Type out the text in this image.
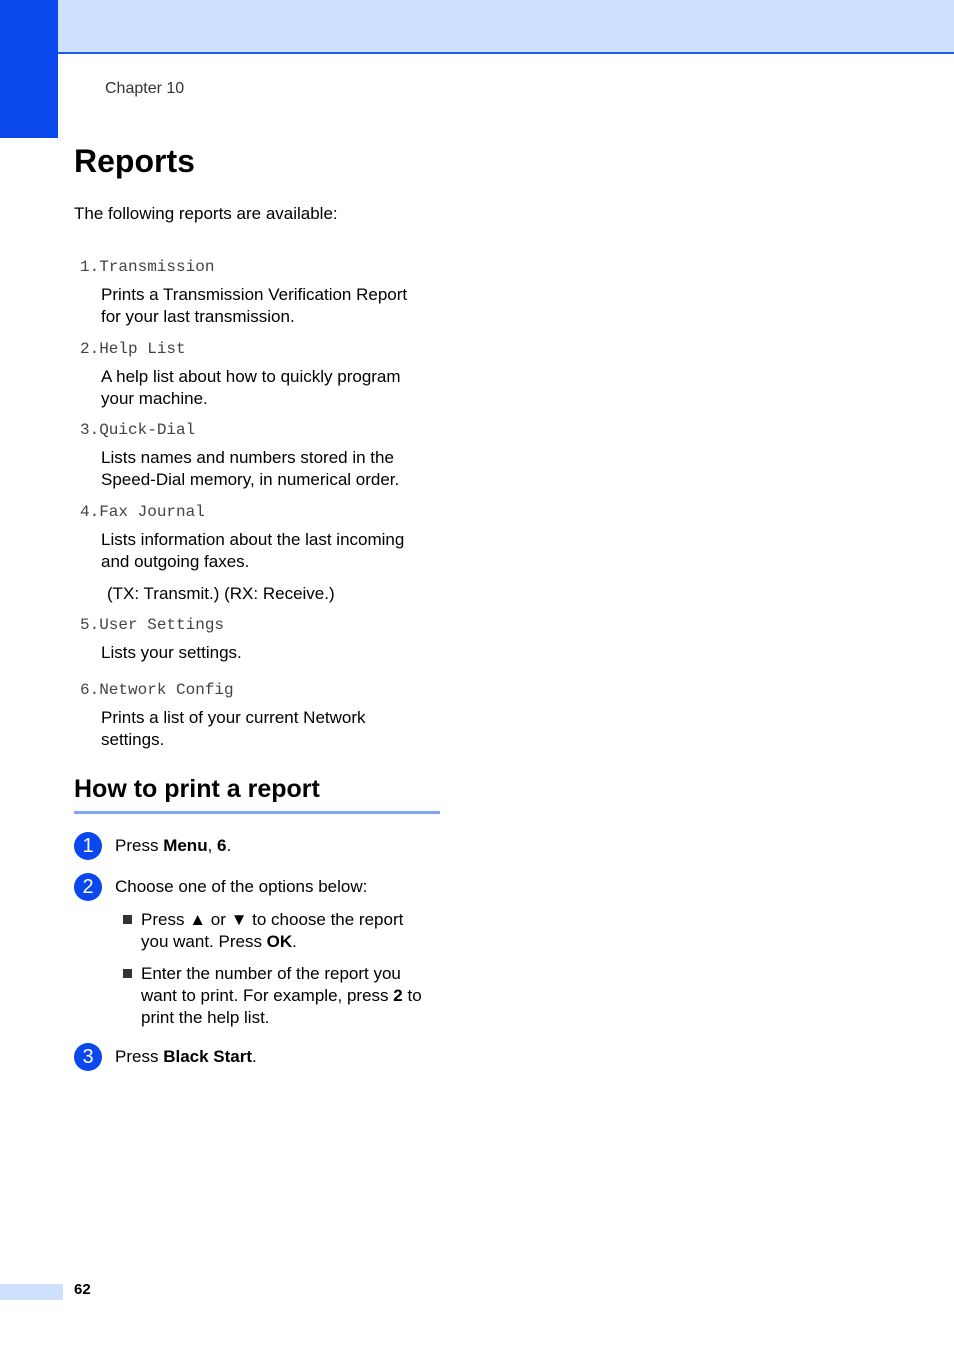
Chapter 10
Reports

The following reports are available:

1.Transmission
Prints a Transmission Verification Report
for your last transmission.
2.Help List
A help list about how to quickly program
your machine.
3.Quick-Dial
Lists names and numbers stored in the
Speed-Dial memory, in numerical order.
4.Fax Journal
Lists information about the last incoming
and outgoing faxes.
(TX: Transmit.) (RX: Receive.)
5.User Settings
Lists your settings.
6.Network Config
Prints a list of your current Network
settings.
How to print a report
1	Press Menu, 6.
2	Choose one of the options below:
Press ▲ or ▼ to choose the report
you want. Press OK.
Enter the number of the report you
want to print. For example, press 2 to
print the help list.
3	Press Black Start.
62
